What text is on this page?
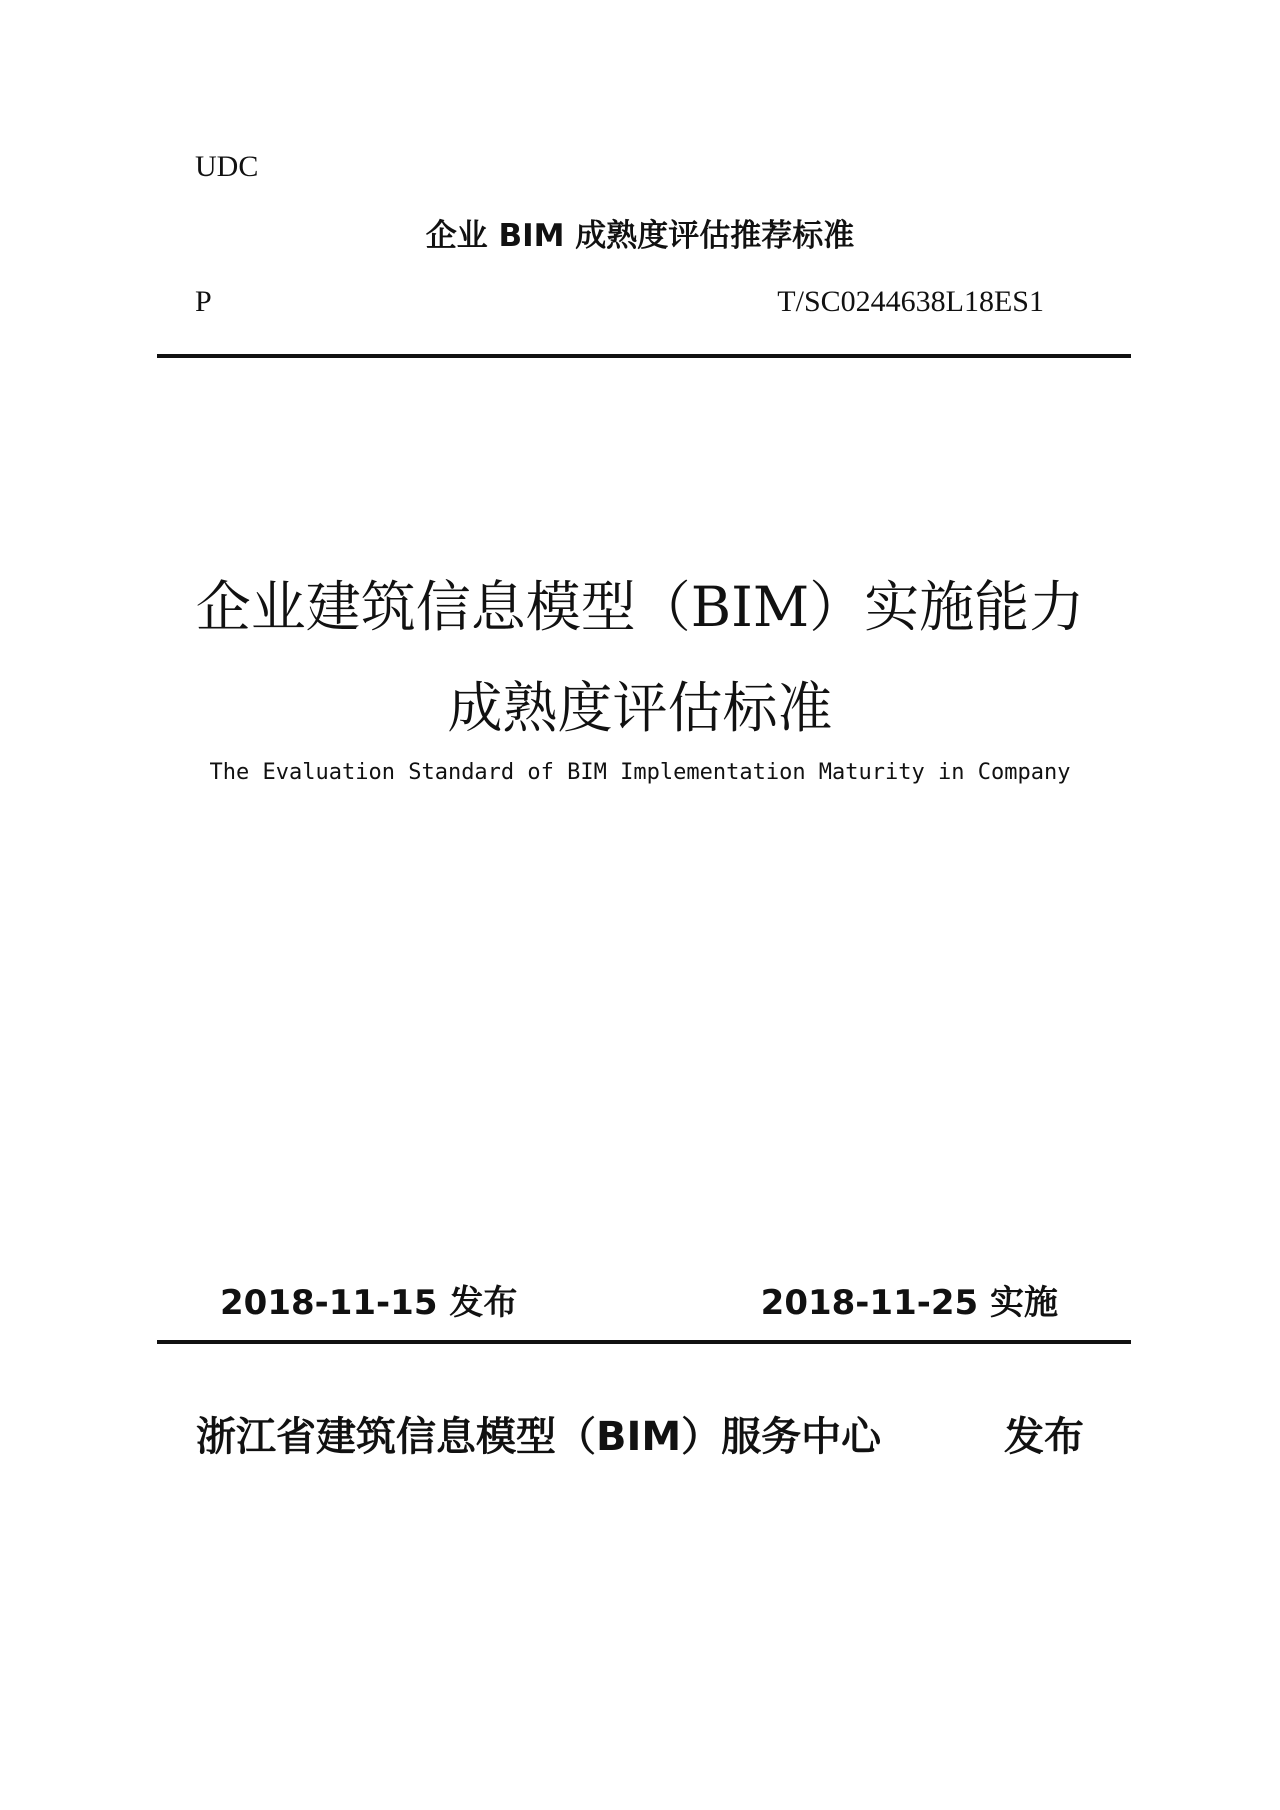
UDC
企业 BIM 成熟度评估推荐标准
P	T/SC0244638L18ES1
企业建筑信息模型（BIM）实施能力
成熟度评估标准
The Evaluation Standard of BIM Implementation Maturity in Company
2018-11-15 发布	2018-11-25 实施
浙江省建筑信息模型（BIM）服务中心	发布
